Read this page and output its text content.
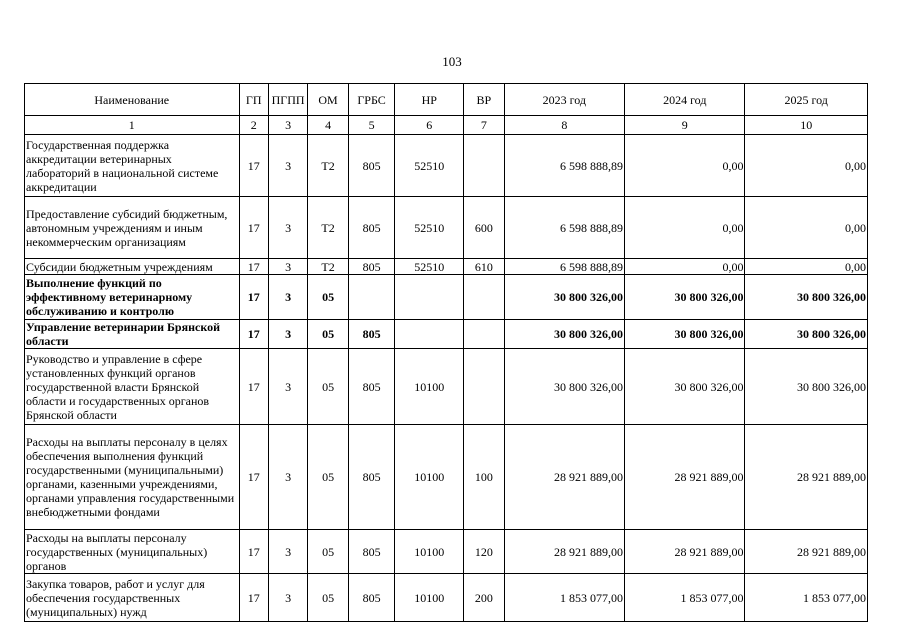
103
Наименование	ГП	ПГПП	ОМ	ГРБС	НР	ВР	2023 год	2024 год	2025 год
1	2	3	4	5	6	7	8	9	10
Государственная поддержка аккредитации ветеринарных лабораторий в национальной системе аккредитации	17	3	Т2	805	52510		6 598 888,89	0,00	0,00
Предоставление субсидий бюджетным, автономным учреждениям и иным некоммерческим организациям	17	3	Т2	805	52510	600	6 598 888,89	0,00	0,00
Субсидии бюджетным учреждениям	17	3	Т2	805	52510	610	6 598 888,89	0,00	0,00
Выполнение функций по эффективному ветеринарному обслуживанию и контролю	17	3	05				30 800 326,00	30 800 326,00	30 800 326,00
Управление ветеринарии Брянской области	17	3	05	805			30 800 326,00	30 800 326,00	30 800 326,00
Руководство и управление в сфере установленных функций органов государственной власти Брянской области и государственных органов Брянской области	17	3	05	805	10100		30 800 326,00	30 800 326,00	30 800 326,00
Расходы на выплаты персоналу в целях обеспечения выполнения функций государственными (муниципальными) органами, казенными учреждениями, органами управления государственными внебюджетными фондами	17	3	05	805	10100	100	28 921 889,00	28 921 889,00	28 921 889,00
Расходы на выплаты персоналу государственных (муниципальных) органов	17	3	05	805	10100	120	28 921 889,00	28 921 889,00	28 921 889,00
Закупка товаров, работ и услуг для обеспечения государственных (муниципальных) нужд	17	3	05	805	10100	200	1 853 077,00	1 853 077,00	1 853 077,00
